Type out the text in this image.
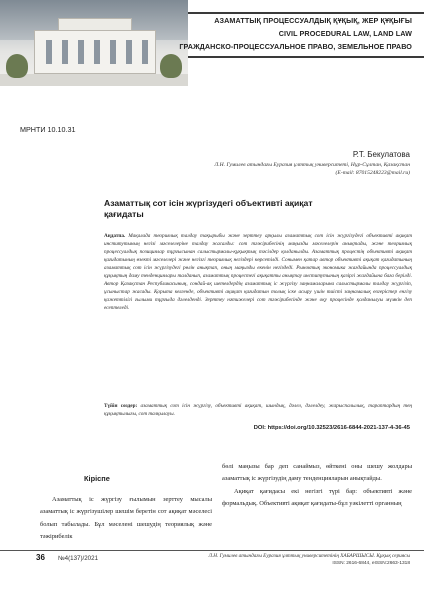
АЗАМАТТЫҚ ПРОЦЕССУАЛДЫҚ ҚҰҚЫҚ, ЖЕР ҚҰҚЫҒЫ
CIVIL PROCEDURAL LAW, LAND LAW
ГРАЖДАНСКО-ПРОЦЕССУАЛЬНОЕ ПРАВО, ЗЕМЕЛЬНОЕ ПРАВО
МРНТИ 10.10.31
Р.Т. Бекулатова
Л.Н. Гумилев атындағы Еуразия ұлттық университеті, Нұр-Сұлтан, Қазақстан
(E-mail: 87015248223@mail.ru)
Азаматтық сот ісін жүргізудегі объективті ақиқат
қағидаты
Аңдатпа. Мақалада теориялық талдау тақырыбы және зерттеу арқылы азаматтық сот ісін жүргізудегі объективті ақиқат институтының негізі мәселелеріне талдау жасалды: сот тәжірибесінің маңызды мәселелерін анықтады, және теориялық процессуалдық позициялар тұрғысынан салыстырмалы-құқықтық тәсілдер қолданылды. Азаматтық процестің объективті ақиқат қағидатының өзекті мәселелері және негізгі теориялық негіздері көрсетілді. Сонымен қатар автор объективті ақиқат қағидатының азаматтық сот ісін жүргізудегі рөлін анықтап, оның маңызды екенін негіздеді. Рыноктық экономика жағдайында процессуалдық құқықтың даму тенденциялары талданып, азаматтық процестегі ақиқатты анықтау институтының қазіргі жағдайына баға берілді. Автор Қазақстан Республикасының, сондай-ақ шетелдердің азаматтық іс жүргізу заңнамаларына салыстырмалы талдау жүргізіп, ұсыныстар жасады. Қорыта келгенде, объективті ақиқат қағидатын толық іске асыру үшін тиісті заңнамалық өзгерістер енгізу қажеттілігі ғылыми тұрғыда дәлелденді. Зерттеу нәтижелері сот тәжірибесінде және оқу процесінде қолданылуы мүмкін деп есептеледі.
Түйін сөздер: азаматтық сот ісін жүргізу, объективті ақиқат, шындық, дәлел, дәлелдеу, жарыспалылық, тараптардың тең құқықтылығы, сот талқылауы.
DOI: https://doi.org/10.32523/2616-6844-2021-137-4-36-45
Кіріспе
Азаматтық іс жүргізу ғылымын зерттеу мысалы азаматтық іс жүргізушілер шешім беретін сот ақиқат мәселесі болып табылады. Бұл мәселені шешудің теориялық және тәжірибелік

бөлі маңызы бар деп санаймыз, өйткені оны шешу жолдары азаматтық іс жүргізудің даму тенденцияларын анықтайды.

Ақиқат қағидасы екі негізгі түрі бар: объективті және формальдық. Объективті ақиқат қағидаты-бұл уәкілетті органның

36 №4(137)/2021	Л.Н. Гумилев атындағы Еуразия ұлттық университетінің ХАБАРШЫСЫ. Құқық сериясы
ISSN: 2616-6844, eISSN:2663-1318
